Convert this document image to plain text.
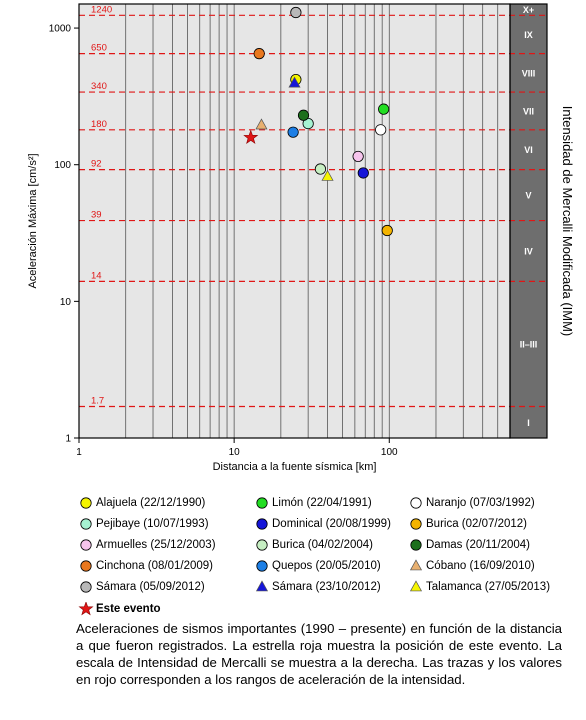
I
II–III
IV
V
VI
VII
VIII
IX
X+
1.7
14
39
92
180
340
650
1240
1	10	100
1
10
100
1000
Distancia a la fuente sísmica [km]
Aceleración Máxima [cm/s²]	Intensidad de Mercalli Modificada (IMM)
Alajuela (22/12/1990)
Pejibaye (10/07/1993)
Armuelles (25/12/2003)
Cinchona (08/01/2009)
Sámara (05/09/2012)
Limón (22/04/1991)
Dominical (20/08/1999)
Burica (04/02/2004)
Quepos (20/05/2010)
Sámara (23/10/2012)
Naranjo (07/03/1992)
Burica (02/07/2012)
Damas (20/11/2004)
Cóbano (16/09/2010)
Talamanca (27/05/2013)
Este evento
Aceleraciones de sismos importantes (1990 – presente) en función de la distancia a que fueron registrados. La estrella roja muestra la posición de este evento. La escala de Intensidad de Mercalli se muestra a la derecha. Las trazas y los valores en rojo corresponden a los rangos de aceleración de la intensidad.
